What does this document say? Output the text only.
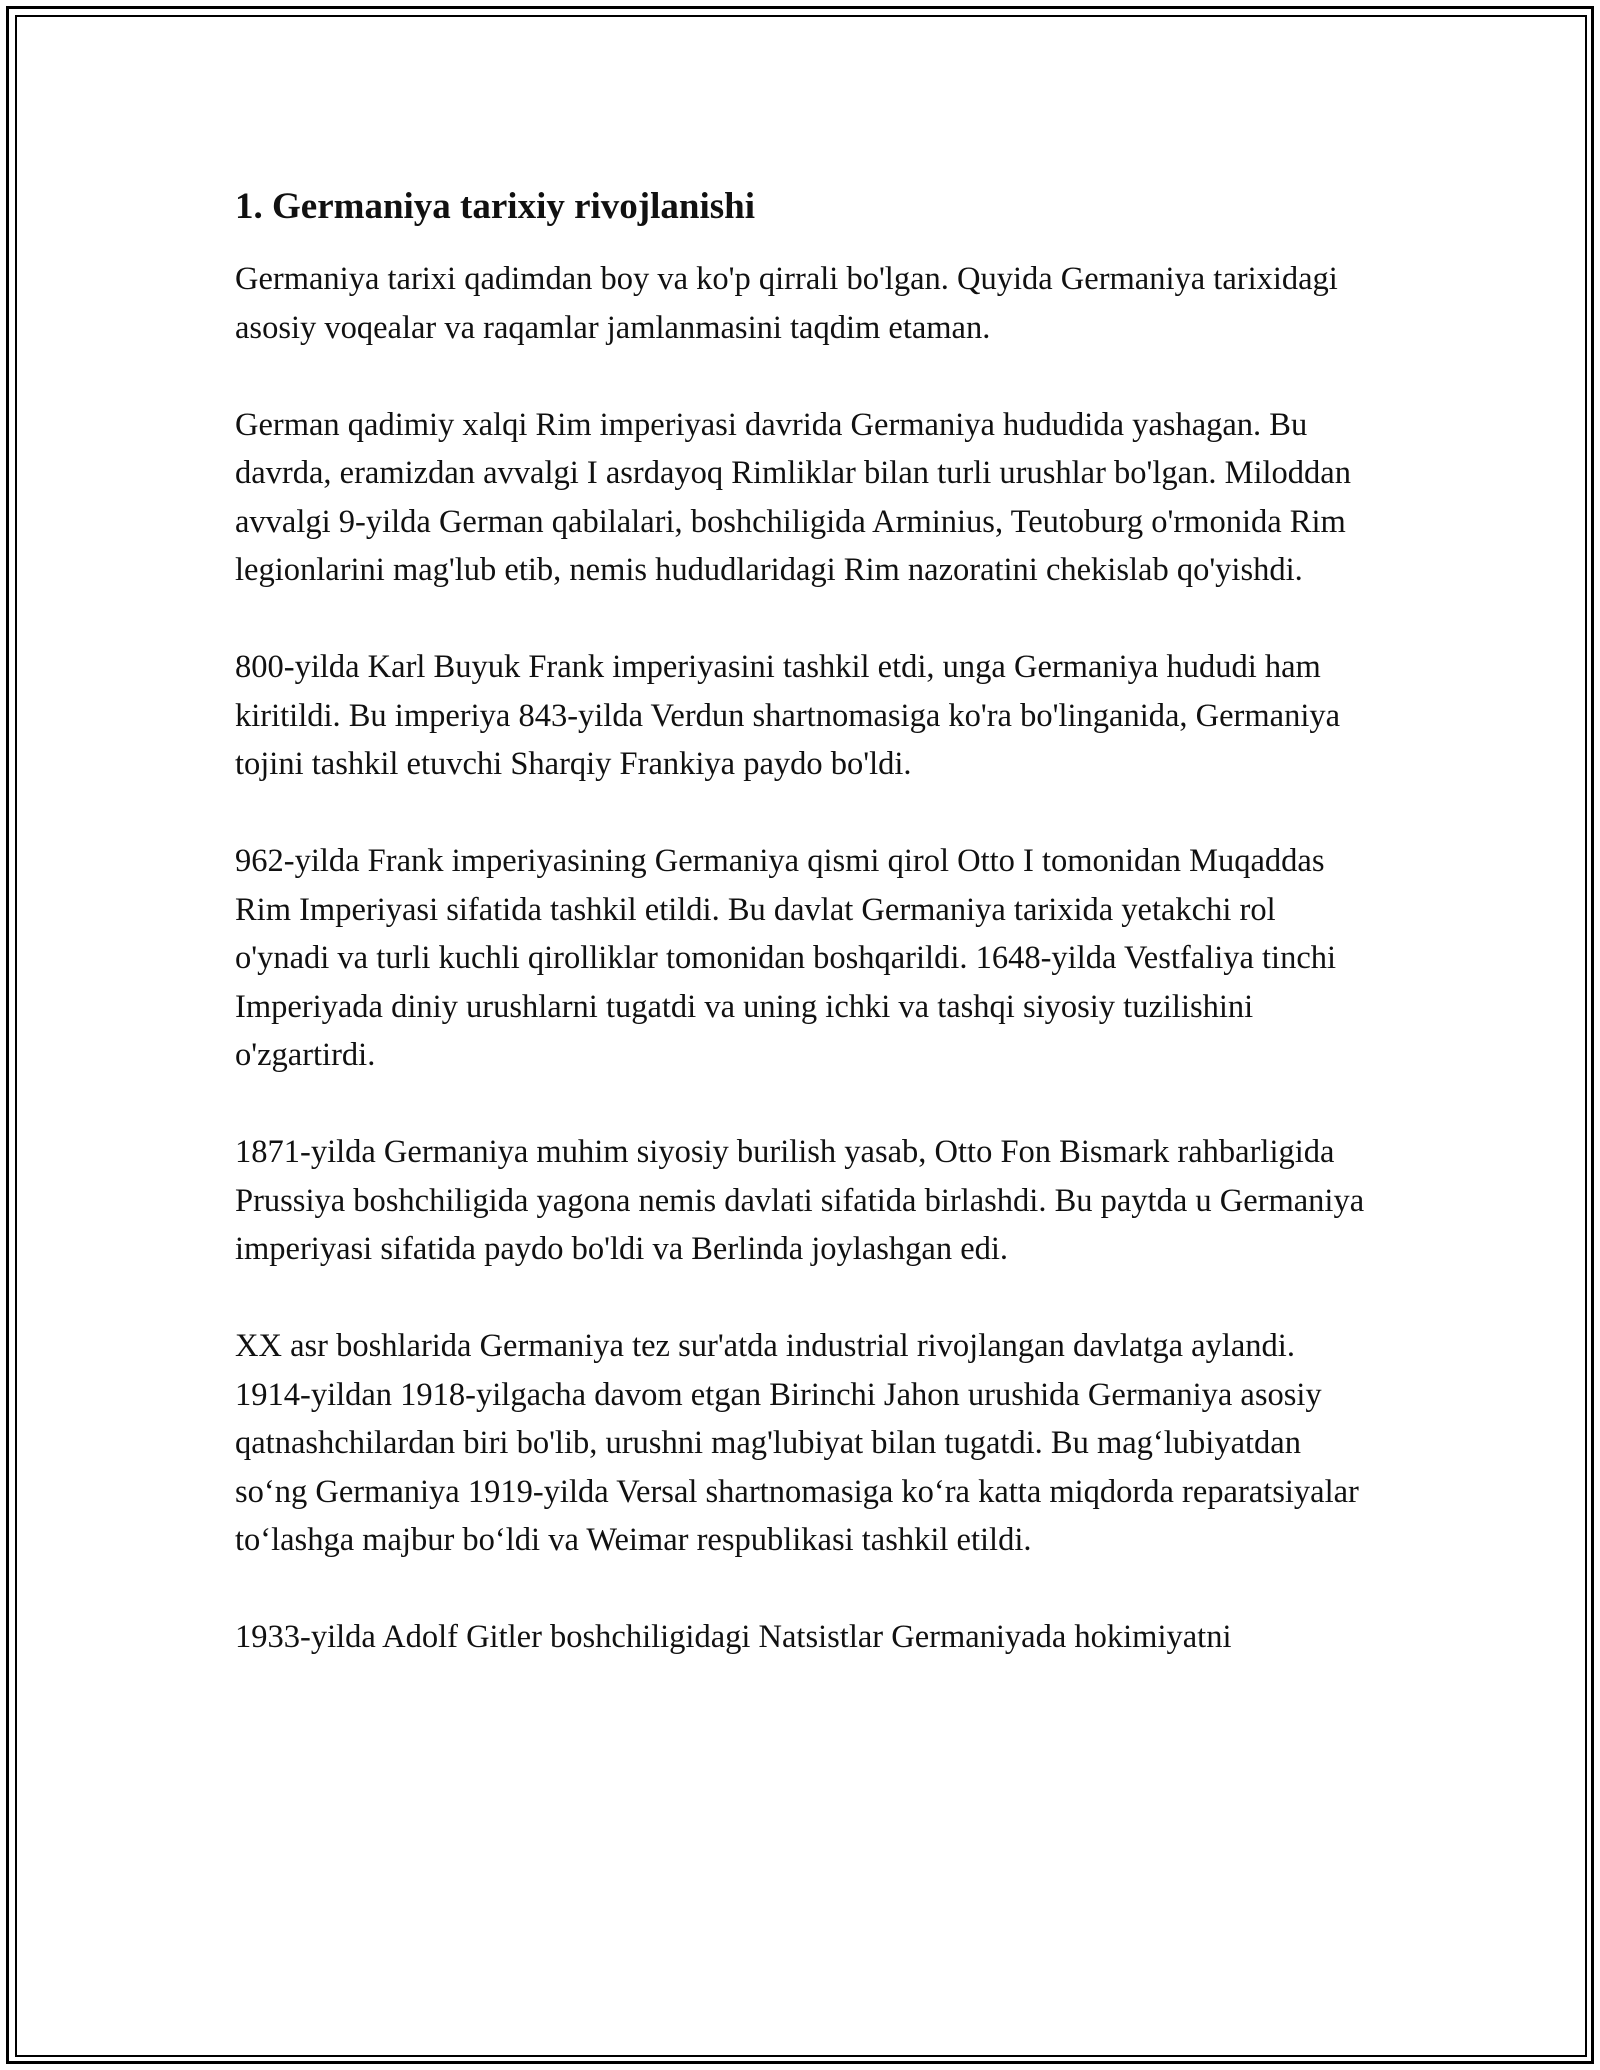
1. Germaniya tarixiy rivojlanishi

Germaniya tarixi qadimdan boy va ko'p qirrali bo'lgan. Quyida Germaniya tarixidagi asosiy voqealar va raqamlar jamlanmasini taqdim etaman.

German qadimiy xalqi Rim imperiyasi davrida Germaniya hududida yashagan. Bu davrda, eramizdan avvalgi I asrdayoq Rimliklar bilan turli urushlar bo'lgan. Miloddan avvalgi 9-yilda German qabilalari, boshchiligida Arminius, Teutoburg o'rmonida Rim legionlarini mag'lub etib, nemis hududlaridagi Rim nazoratini chekislab qo'yishdi.

800-yilda Karl Buyuk Frank imperiyasini tashkil etdi, unga Germaniya hududi ham kiritildi. Bu imperiya 843-yilda Verdun shartnomasiga ko'ra bo'linganida, Germaniya tojini tashkil etuvchi Sharqiy Frankiya paydo bo'ldi.

962-yilda Frank imperiyasining Germaniya qismi qirol Otto I tomonidan Muqaddas Rim Imperiyasi sifatida tashkil etildi. Bu davlat Germaniya tarixida yetakchi rol o'ynadi va turli kuchli qirolliklar tomonidan boshqarildi. 1648-yilda Vestfaliya tinchi Imperiyada diniy urushlarni tugatdi va uning ichki va tashqi siyosiy tuzilishini o'zgartirdi.

1871-yilda Germaniya muhim siyosiy burilish yasab, Otto Fon Bismark rahbarligida Prussiya boshchiligida yagona nemis davlati sifatida birlashdi. Bu paytda u Germaniya imperiyasi sifatida paydo bo'ldi va Berlinda joylashgan edi.

XX asr boshlarida Germaniya tez sur'atda industrial rivojlangan davlatga aylandi. 1914-yildan 1918-yilgacha davom etgan Birinchi Jahon urushida Germaniya asosiy qatnashchilardan biri bo'lib, urushni mag'lubiyat bilan tugatdi. Bu mag‘lubiyatdan so‘ng Germaniya 1919-yilda Versal shartnomasiga ko‘ra katta miqdorda reparatsiyalar to‘lashga majbur bo‘ldi va Weimar respublikasi tashkil etildi.

1933-yilda Adolf Gitler boshchiligidagi Natsistlar Germaniyada hokimiyatni
